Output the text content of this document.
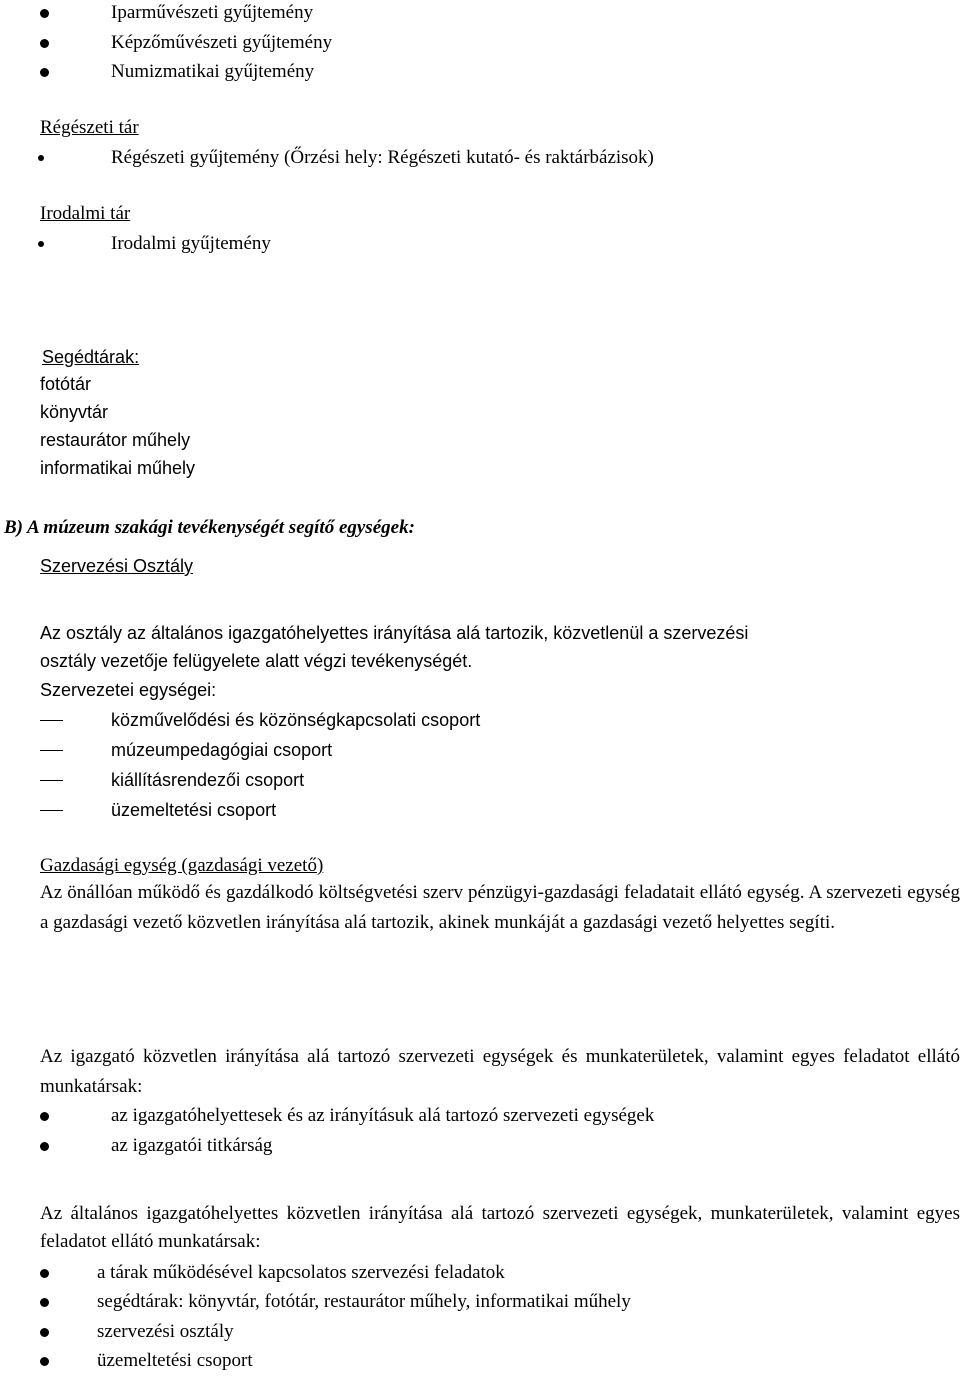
Iparművészeti gyűjtemény
Képzőművészeti gyűjtemény
Numizmatikai gyűjtemény
Régészeti tár
Régészeti gyűjtemény (Őrzési hely: Régészeti kutató- és raktárbázisok)
Irodalmi tár
Irodalmi gyűjtemény
Segédtárak:
fotótár
könyvtár
restaurátor műhely
informatikai műhely
B) A múzeum szakági tevékenységét segítő egységek:
Szervezési Osztály
Az osztály az általános igazgatóhelyettes irányítása alá tartozik, közvetlenül a szervezési
osztály vezetője felügyelete alatt végzi tevékenységét.
Szervezetei egységei:
közművelődési és közönségkapcsolati csoport
múzeumpedagógiai csoport
kiállításrendezői csoport
üzemeltetési csoport
Gazdasági egység (gazdasági vezető)
Az önállóan működő és gazdálkodó költségvetési szerv pénzügyi-gazdasági feladatait ellátó egység. A szervezeti egység a gazdasági vezető közvetlen irányítása alá tartozik, akinek munkáját a gazdasági vezető helyettes segíti.
Az igazgató közvetlen irányítása alá tartozó szervezeti egységek és munkaterületek, valamint egyes feladatot ellátó munkatársak:
az igazgatóhelyettesek és az irányításuk alá tartozó szervezeti egységek
az igazgatói titkárság
Az általános igazgatóhelyettes közvetlen irányítása alá tartozó szervezeti egységek, munkaterületek, valamint egyes feladatot ellátó munkatársak:
a tárak működésével kapcsolatos szervezési feladatok
segédtárak: könyvtár, fotótár, restaurátor műhely, informatikai műhely
szervezési osztály
üzemeltetési csoport
